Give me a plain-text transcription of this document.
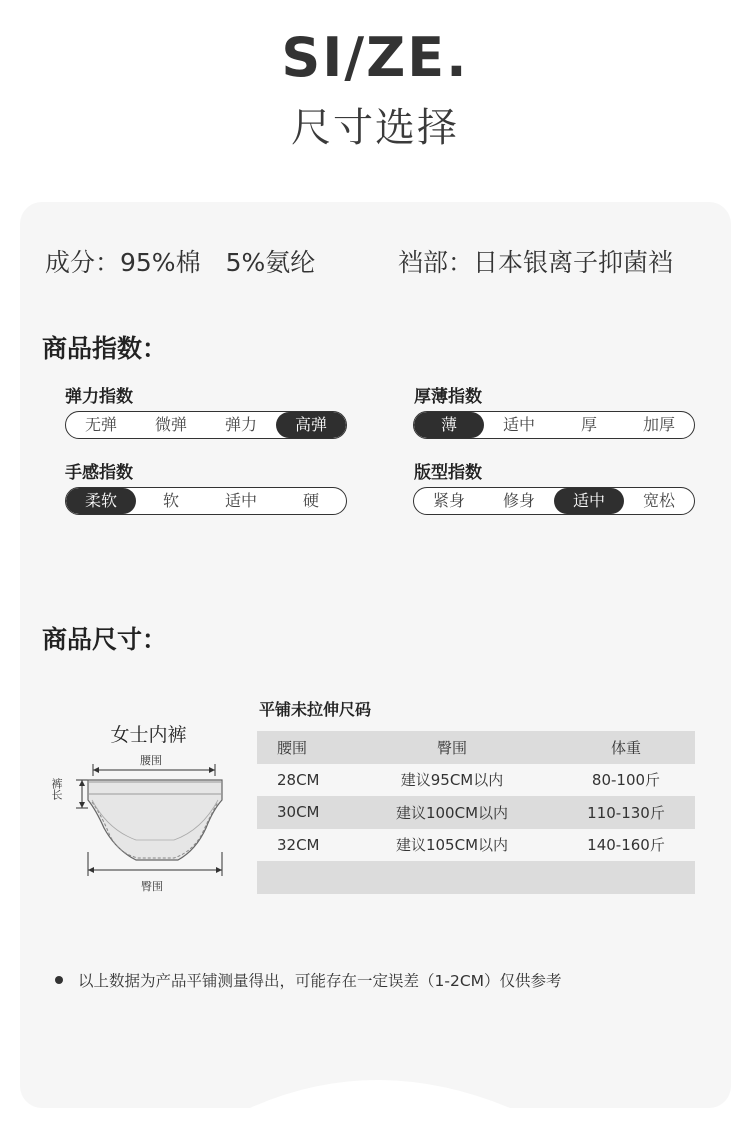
SI/ZE.
尺寸选择
成分：95%棉　5%氨纶	裆部：日本银离子抑菌裆
商品指数：
弹力指数
无弹	微弹	弹力	高弹
厚薄指数
薄	适中	厚	加厚
手感指数
柔软	软	适中	硬
版型指数
紧身	修身	适中	宽松
商品尺寸：
女士内裤
腰围
裤长
臀围
平铺未拉伸尺码
腰围	臀围	体重
28CM	建议95CM以内	80-100斤
30CM	建议100CM以内	110-130斤
32CM	建议105CM以内	140-160斤
以上数据为产品平铺测量得出，可能存在一定误差（1-2CM）仅供参考
